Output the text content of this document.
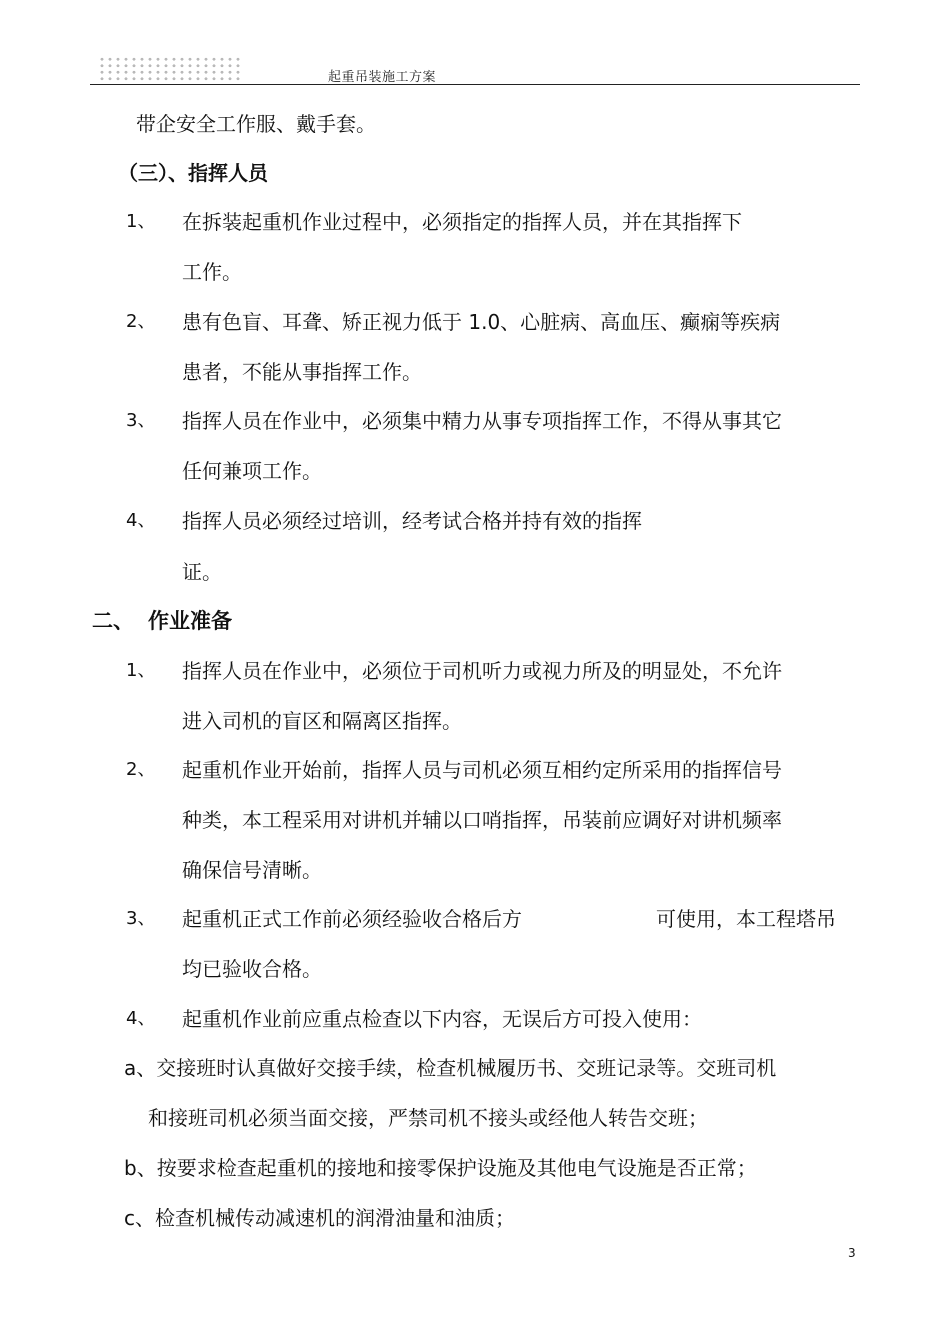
起重吊装施工方案
带企安全工作服、戴手套。
（三）、指挥人员
1、 在拆装起重机作业过程中，必须指定的指挥人员，并在其指挥下
工作。
2、 患有色盲、耳聋、矫正视力低于 1.0、心脏病、高血压、癫痫等疾病
患者，不能从事指挥工作。
3、 指挥人员在作业中，必须集中精力从事专项指挥工作，不得从事其它
任何兼项工作。
4、 指挥人员必须经过培训，经考试合格并持有效的指挥
证。
二、 作业准备
1、 指挥人员在作业中，必须位于司机听力或视力所及的明显处，不允许
进入司机的盲区和隔离区指挥。
2、 起重机作业开始前，指挥人员与司机必须互相约定所采用的指挥信号
种类，本工程采用对讲机并辅以口哨指挥，吊装前应调好对讲机频率
确保信号清晰。
3、 起重机正式工作前必须经验收合格后方	可使用，本工程塔吊
均已验收合格。
4、 起重机作业前应重点检查以下内容，无误后方可投入使用：
a、交接班时认真做好交接手续，检查机械履历书、交班记录等。交班司机
和接班司机必须当面交接，严禁司机不接头或经他人转告交班；
b、按要求检查起重机的接地和接零保护设施及其他电气设施是否正常；
c、检查机械传动减速机的润滑油量和油质；
3
